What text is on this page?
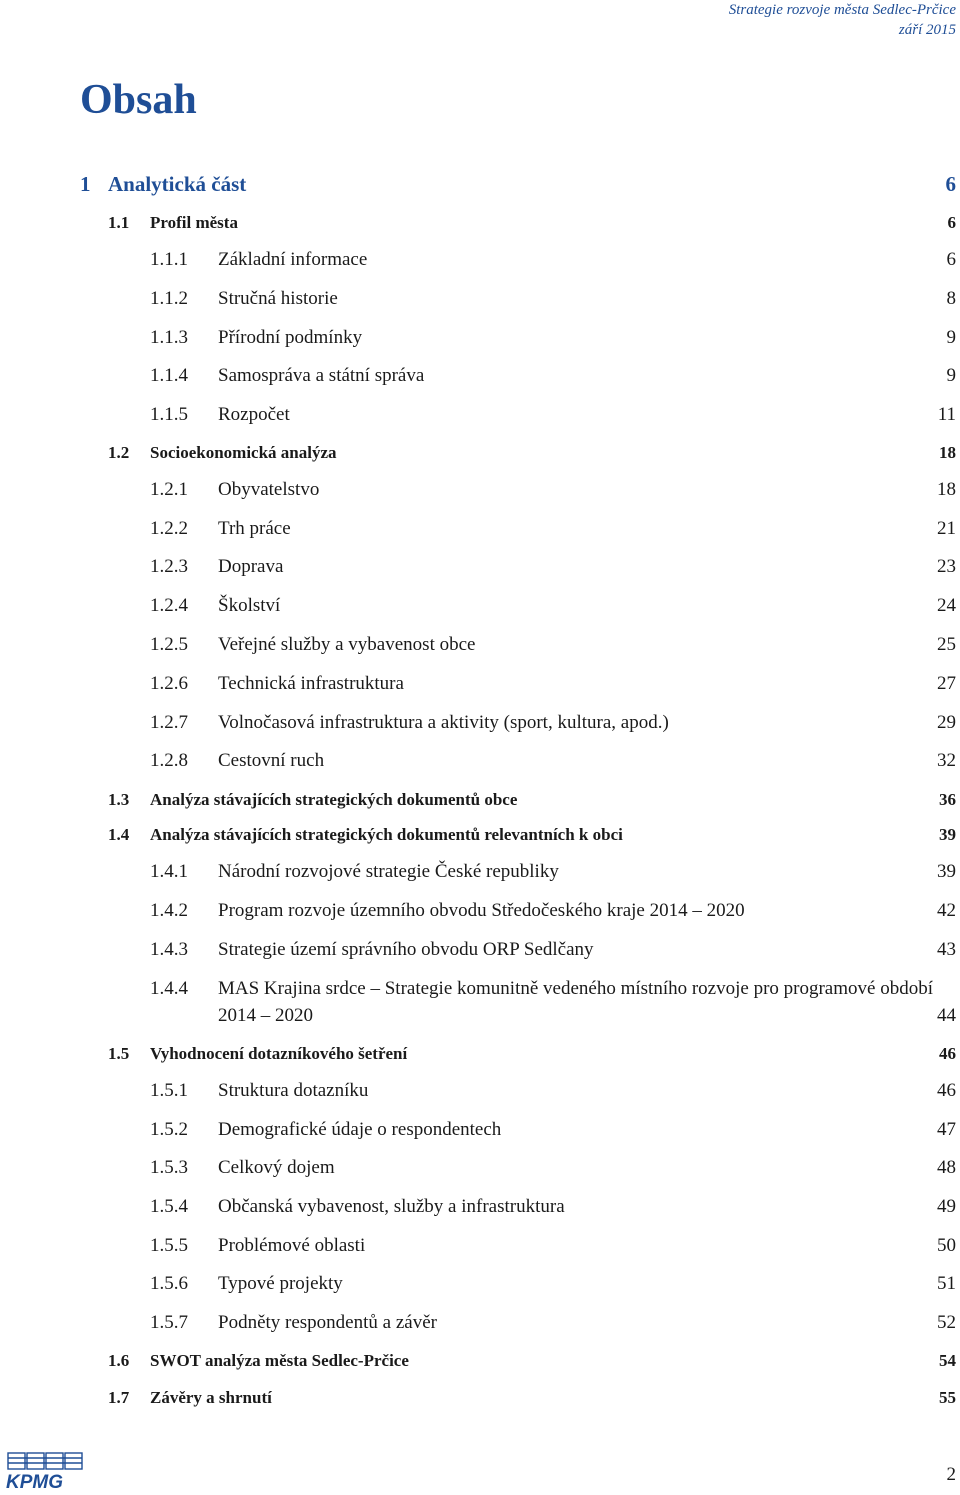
Strategie rozvoje města Sedlec-Prčice
září 2015
Obsah
1 Analytická část	6
1.1 Profil města	6
1.1.1 Základní informace	6
1.1.2 Stručná historie	8
1.1.3 Přírodní podmínky	9
1.1.4 Samospráva a státní správa	9
1.1.5 Rozpočet	11
1.2 Socioekonomická analýza	18
1.2.1 Obyvatelstvo	18
1.2.2 Trh práce	21
1.2.3 Doprava	23
1.2.4 Školství	24
1.2.5 Veřejné služby a vybavenost obce	25
1.2.6 Technická infrastruktura	27
1.2.7 Volnočasová infrastruktura a aktivity (sport, kultura, apod.)	29
1.2.8 Cestovní ruch	32
1.3 Analýza stávajících strategických dokumentů obce	36
1.4 Analýza stávajících strategických dokumentů relevantních k obci	39
1.4.1 Národní rozvojové strategie České republiky	39
1.4.2 Program rozvoje územního obvodu Středočeského kraje 2014 – 2020	42
1.4.3 Strategie území správního obvodu ORP Sedlčany	43
1.4.4 MAS Krajina srdce – Strategie komunitně vedeného místního rozvoje pro programové období 2014 – 2020	44
1.5 Vyhodnocení dotazníkového šetření	46
1.5.1 Struktura dotazníku	46
1.5.2 Demografické údaje o respondentech	47
1.5.3 Celkový dojem	48
1.5.4 Občanská vybavenost, služby a infrastruktura	49
1.5.5 Problémové oblasti	50
1.5.6 Typové projekty	51
1.5.7 Podněty respondentů a závěr	52
1.6 SWOT analýza města Sedlec-Prčice	54
1.7 Závěry a shrnutí	55
KPMG	2
